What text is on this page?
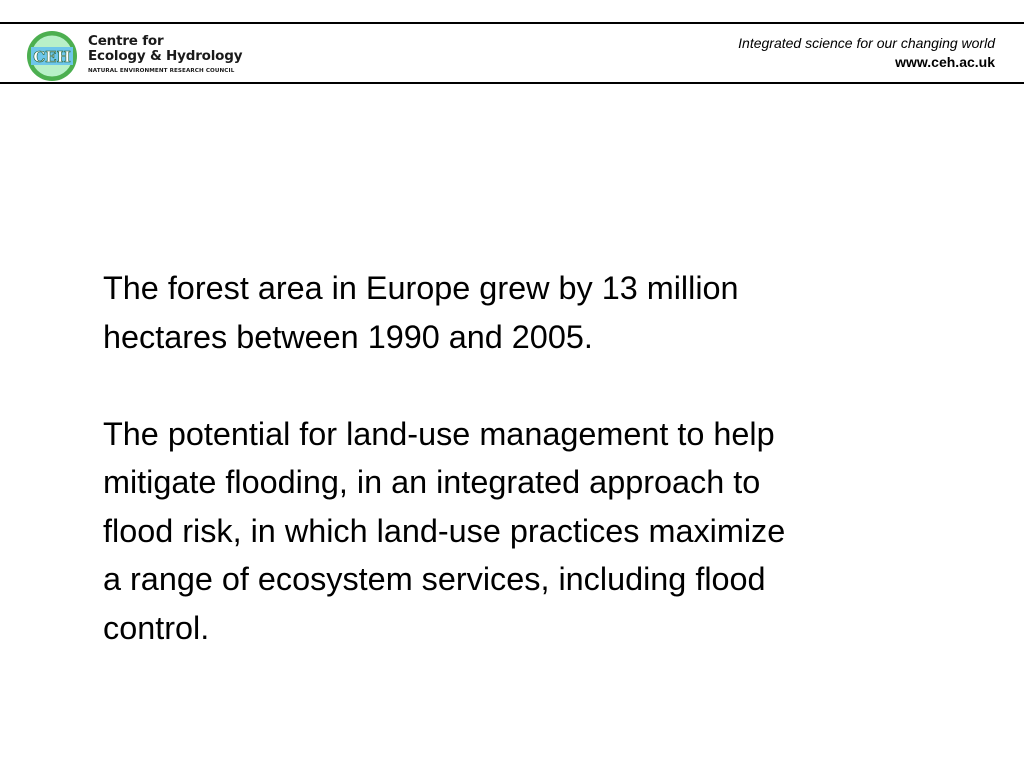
CEH
Centre for
Ecology & Hydrology
NATURAL ENVIRONMENT RESEARCH COUNCIL
Integrated science for our changing world
www.ceh.ac.uk

The forest area in Europe grew by 13 million
hectares between 1990 and 2005.

The potential for land-use management to help
mitigate flooding, in an integrated approach to
flood risk, in which land-use practices maximize
a range of ecosystem services, including flood
control.
